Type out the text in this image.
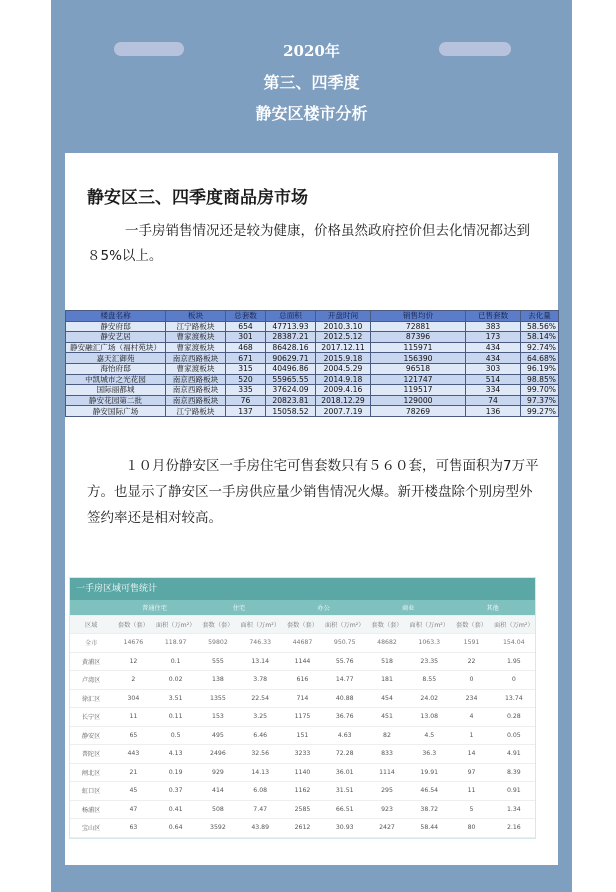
2020年
第三、四季度
静安区楼市分析
静安区三、四季度商品房市场
一手房销售情况还是较为健康，价格虽然政府控价但去化情况都达到８5%以上。
楼盘名称	板块	总套数	总面积	开盘时间	销售均价	已售套数	去化量
静安府邸	江宁路板块	654	47713.93	2010.3.10	72881	383	58.56%
静安艺居	曹家渡板块	301	28387.21	2012.5.12	87396	173	58.14%
静安融汇广场（福村苑块）	曹家渡板块	468	86428.16	2017.12.11	115971	434	92.74%
嘉天汇御苑	南京西路板块	671	90629.71	2015.9.18	156390	434	64.68%
海怡府邸	曹家渡板块	315	40496.86	2004.5.29	96518	303	96.19%
中凯城市之光花园	南京西路板块	520	55965.55	2014.9.18	121747	514	98.85%
国际丽都城	南京西路板块	335	37624.09	2009.4.16	119517	334	99.70%
静安花园第二批	南京西路板块	76	20823.81	2018.12.29	129000	74	97.37%
静安国际广场	江宁路板块	137	15058.52	2007.7.19	78269	136	99.27%
１０月份静安区一手房住宅可售套数只有５６０套，可售面积为7万平方。也显示了静安区一手房供应量少销售情况火爆。新开楼盘除个别房型外签约率还是相对较高。
一手房区域可售统计
	普通住宅		住宅		办公		商业		其他	
区域	套数（套）	面积（万m²）	套数（套）	面积（万m²）	套数（套）	面积（万m²）	套数（套）	面积（万m²）	套数（套）	面积（万m²）
全市	14676	118.97	59802	746.33	44687	950.75	48682	1063.3	1591	154.04
黄浦区	12	0.1	555	13.14	1144	55.76	518	23.35	22	1.95
卢湾区	2	0.02	138	3.78	616	14.77	181	8.55	0	0
徐汇区	304	3.51	1355	22.54	714	40.88	454	24.02	234	13.74
长宁区	11	0.11	153	3.25	1175	36.76	451	13.08	4	0.28
静安区	65	0.5	495	6.46	151	4.63	82	4.5	1	0.05
普陀区	443	4.13	2496	32.56	3233	72.28	833	36.3	14	4.91
闸北区	21	0.19	929	14.13	1140	36.01	1114	19.91	97	8.39
虹口区	45	0.37	414	6.08	1162	31.51	295	46.54	11	0.91
杨浦区	47	0.41	508	7.47	2585	66.51	923	38.72	5	1.34
宝山区	63	0.64	3592	43.89	2612	30.93	2427	58.44	80	2.16
